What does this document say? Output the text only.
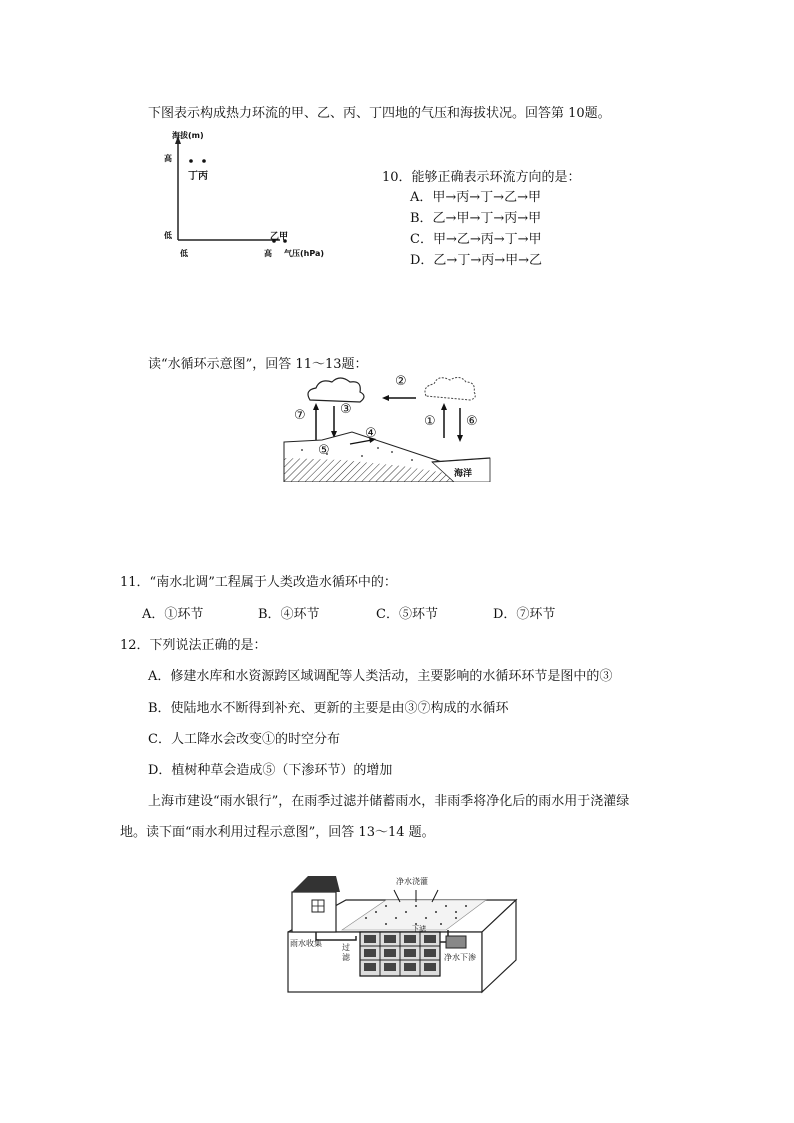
下图表示构成热力环流的甲、乙、丙、丁四地的气压和海拔状况。回答第 10题。
海拔(m)
高
低
低	高 气压(hPa)
丁丙
乙甲
10．能够正确表示环流方向的是：
A．甲→丙→丁→乙→甲
B．乙→甲→丁→丙→甲
C．甲→乙→丙→丁→甲
D．乙→丁→丙→甲→乙
读“水循环示意图”，回答 11～13题：
②
⑦	③
① ⑥
④
⑤
海洋
11．“南水北调”工程属于人类改造水循环中的：
A．①环节	B．④环节	C．⑤环节	D．⑦环节
12．下列说法正确的是：
A．修建水库和水资源跨区域调配等人类活动，主要影响的水循环环节是图中的③
B．使陆地水不断得到补充、更新的主要是由③⑦构成的水循环
C．人工降水会改变①的时空分布
D．植树种草会造成⑤（下渗环节）的增加
上海市建设“雨水银行”，在雨季过滤并储蓄雨水，非雨季将净化后的雨水用于浇灌绿
地。读下面“雨水利用过程示意图”，回答 13～14 题。
净水浇灌
雨水收集	过
滤
下滤
净水下渗
